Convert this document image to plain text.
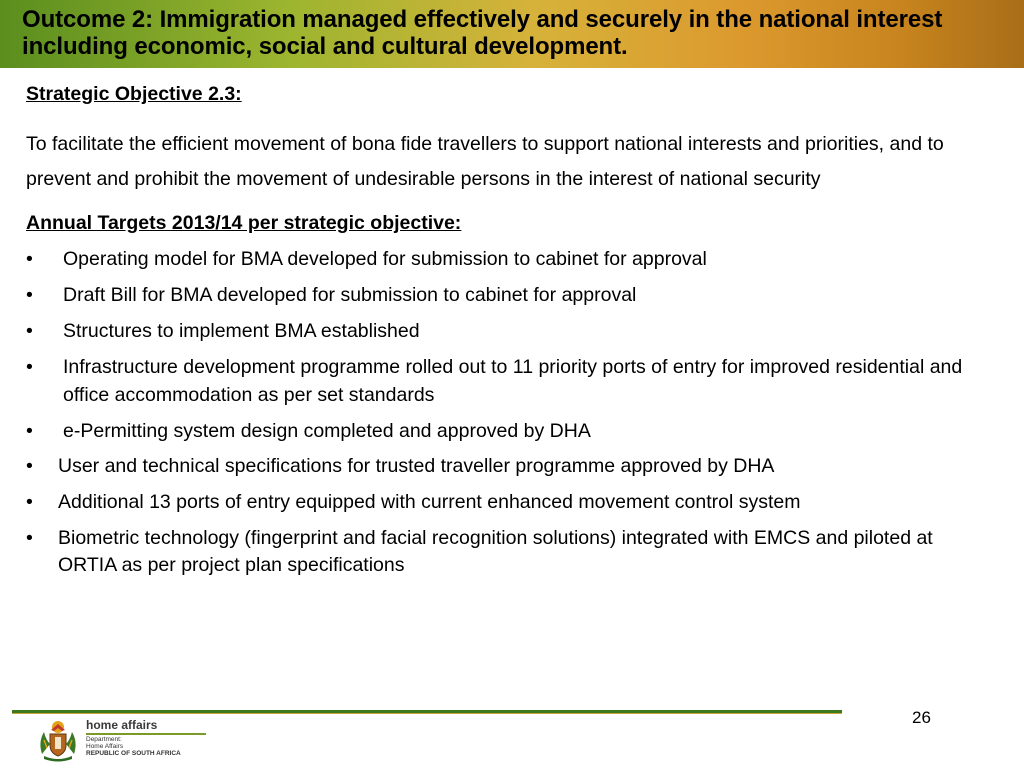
Outcome 2: Immigration managed effectively and securely in the national interest including economic, social and cultural development.

Strategic Objective 2.3:

To facilitate the efficient movement of bona fide travellers to support national interests and priorities, and to prevent and prohibit the movement of undesirable persons in the interest of national security

Annual Targets 2013/14 per strategic objective:

•	Operating model for BMA developed for submission to cabinet for approval
•	Draft Bill for BMA developed for submission to cabinet for approval
•	Structures to implement BMA established
•	Infrastructure development programme rolled out to 11 priority ports of entry for improved residential and office accommodation as per set standards
•	e-Permitting system design completed and approved by DHA
•	User and technical specifications for trusted traveller programme approved by DHA
•	Additional 13 ports of entry equipped with current enhanced movement control system
•	Biometric technology (fingerprint and facial recognition solutions) integrated with EMCS and piloted at ORTIA as per project plan specifications
26
home affairs
Department:
Home Affairs
REPUBLIC OF SOUTH AFRICA
